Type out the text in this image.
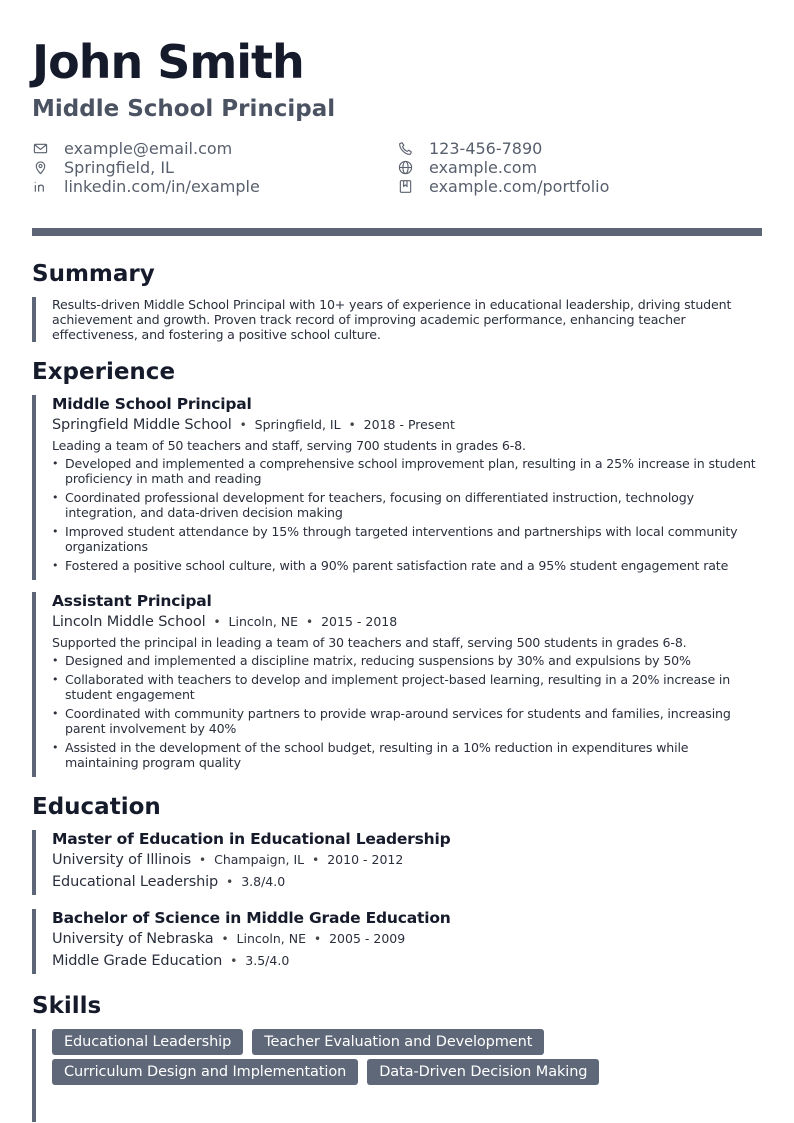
John Smith
Middle School Principal
example@email.com
Springfield, IL
linkedin.com/in/example
123-456-7890
example.com
example.com/portfolio
Summary

Results-driven Middle School Principal with 10+ years of experience in educational leadership, driving student achievement and growth. Proven track record of improving academic performance, enhancing teacher effectiveness, and fostering a positive school culture.

Experience
Middle School Principal
Springfield Middle School • Springfield, IL • 2018 - Present
Leading a team of 50 teachers and staff, serving 700 students in grades 6-8.
• Developed and implemented a comprehensive school improvement plan, resulting in a 25% increase in student proficiency in math and reading
• Coordinated professional development for teachers, focusing on differentiated instruction, technology integration, and data-driven decision making
• Improved student attendance by 15% through targeted interventions and partnerships with local community organizations
• Fostered a positive school culture, with a 90% parent satisfaction rate and a 95% student engagement rate
Assistant Principal
Lincoln Middle School • Lincoln, NE • 2015 - 2018
Supported the principal in leading a team of 30 teachers and staff, serving 500 students in grades 6-8.
• Designed and implemented a discipline matrix, reducing suspensions by 30% and expulsions by 50%
• Collaborated with teachers to develop and implement project-based learning, resulting in a 20% increase in student engagement
• Coordinated with community partners to provide wrap-around services for students and families, increasing parent involvement by 40%
• Assisted in the development of the school budget, resulting in a 10% reduction in expenditures while maintaining program quality
Education
Master of Education in Educational Leadership
University of Illinois • Champaign, IL • 2010 - 2012
Educational Leadership • 3.8/4.0
Bachelor of Science in Middle Grade Education
University of Nebraska • Lincoln, NE • 2005 - 2009
Middle Grade Education • 3.5/4.0
Skills
Educational Leadership	Teacher Evaluation and Development
Curriculum Design and Implementation	Data-Driven Decision Making
